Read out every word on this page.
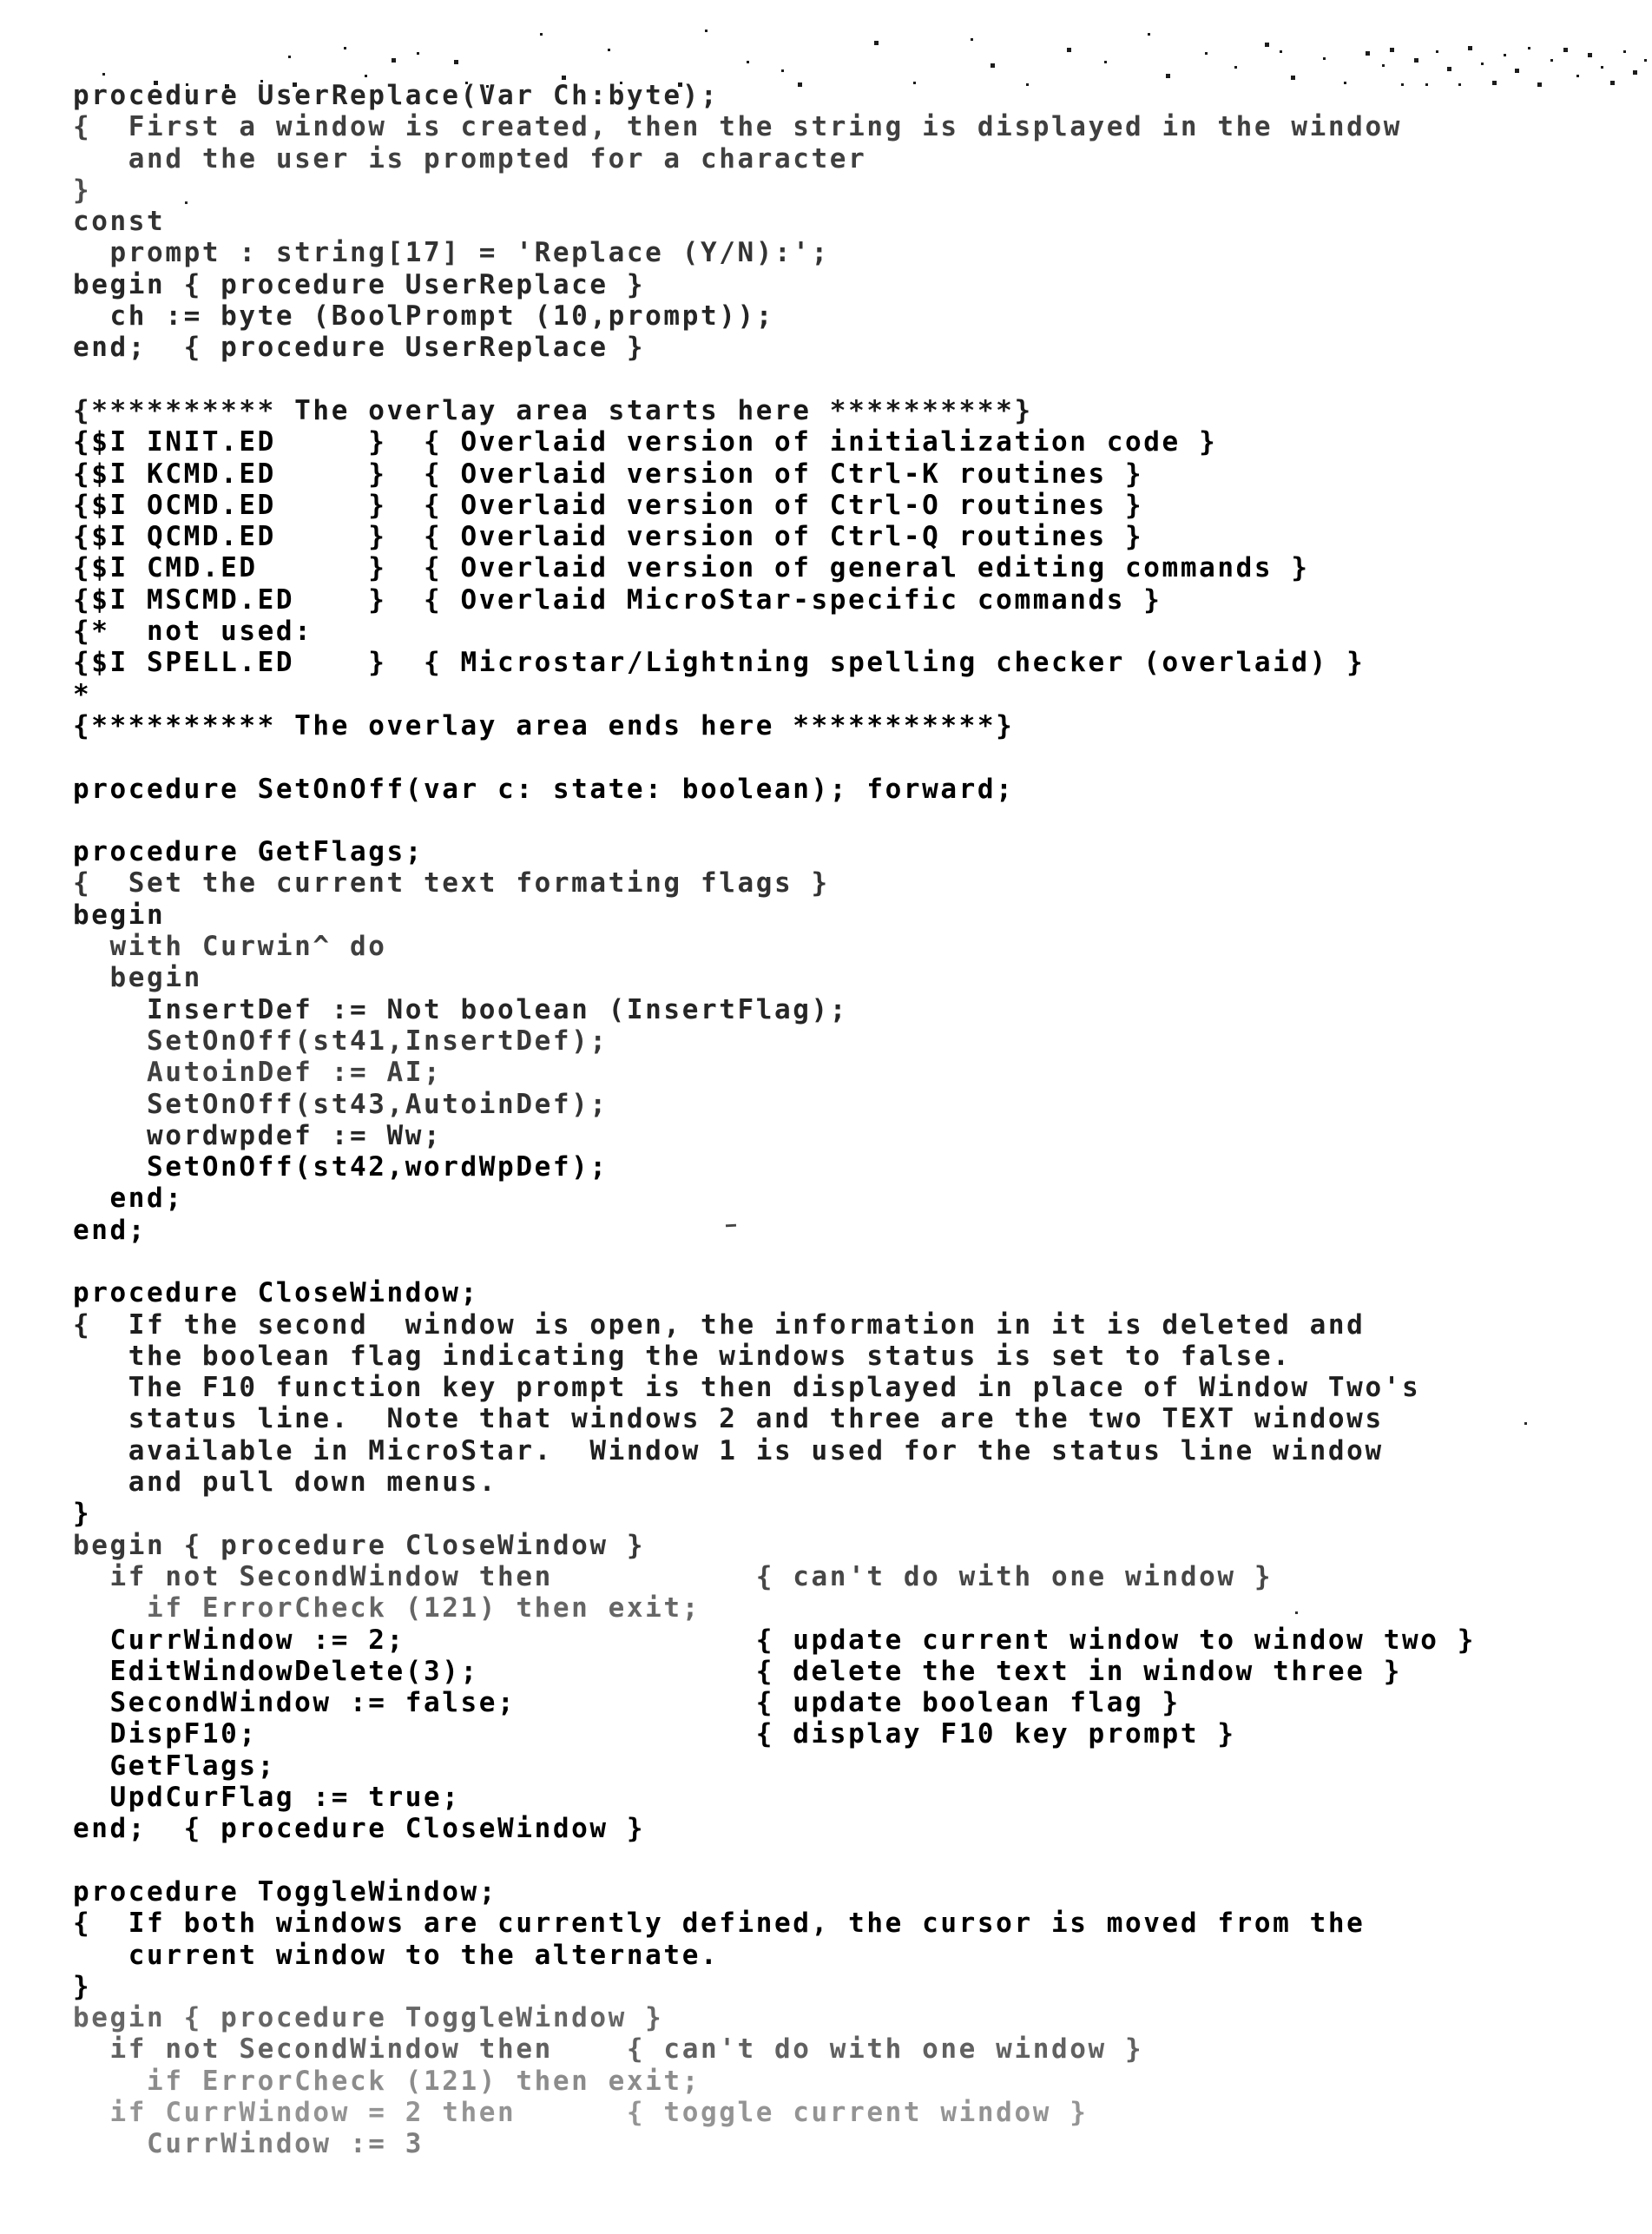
procedure UserReplace(Var Ch:byte);
{  First a window is created, then the string is displayed in the window
and the user is prompted for a character
}
const
prompt : string[17] = 'Replace (Y/N):';
begin { procedure UserReplace }
ch := byte (BoolPrompt (10,prompt));
end;  { procedure UserReplace }

{********** The overlay area starts here **********}
{$I INIT.ED     }  { Overlaid version of initialization code }
{$I KCMD.ED     }  { Overlaid version of Ctrl-K routines }
{$I OCMD.ED     }  { Overlaid version of Ctrl-O routines }
{$I QCMD.ED     }  { Overlaid version of Ctrl-Q routines }
{$I CMD.ED      }  { Overlaid version of general editing commands }
{$I MSCMD.ED    }  { Overlaid MicroStar-specific commands }
{*  not used:
{$I SPELL.ED    }  { Microstar/Lightning spelling checker (overlaid) }
*
{********** The overlay area ends here ***********}

procedure SetOnOff(var c: state: boolean); forward;

procedure GetFlags;
{  Set the current text formating flags }
begin
with Curwin^ do
begin
InsertDef := Not boolean (InsertFlag);
SetOnOff(st41,InsertDef);
AutoinDef := AI;
SetOnOff(st43,AutoinDef);
wordwpdef := Ww;
SetOnOff(st42,wordWpDef);
end;
end;

procedure CloseWindow;
{  If the second  window is open, the information in it is deleted and
the boolean flag indicating the windows status is set to false.
The F10 function key prompt is then displayed in place of Window Two's
status line.  Note that windows 2 and three are the two TEXT windows
available in MicroStar.  Window 1 is used for the status line window
and pull down menus.
}
begin { procedure CloseWindow }
if not SecondWindow then           { can't do with one window }
if ErrorCheck (121) then exit;
CurrWindow := 2;                   { update current window to window two }
EditWindowDelete(3);               { delete the text in window three }
SecondWindow := false;             { update boolean flag }
DispF10;                           { display F10 key prompt }
GetFlags;
UpdCurFlag := true;
end;  { procedure CloseWindow }

procedure ToggleWindow;
{  If both windows are currently defined, the cursor is moved from the
current window to the alternate.
}
begin { procedure ToggleWindow }
if not SecondWindow then    { can't do with one window }
if ErrorCheck (121) then exit;
if CurrWindow = 2 then      { toggle current window }
CurrWindow := 3
